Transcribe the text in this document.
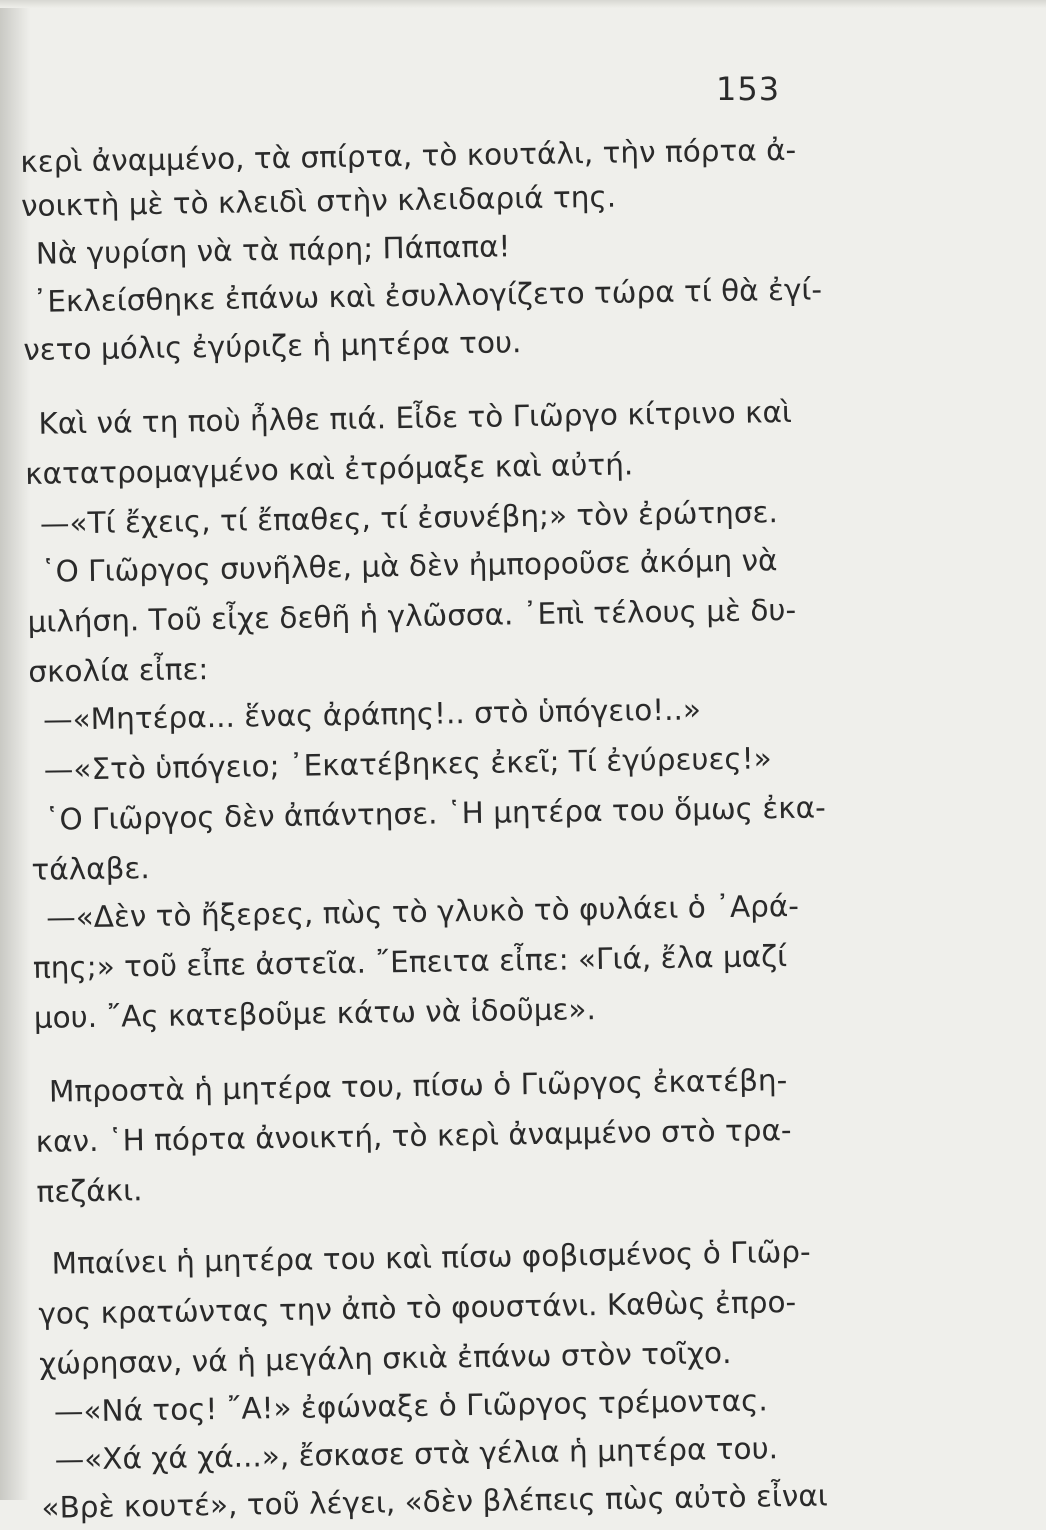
153
κερὶ ἀναμμένο, τὰ σπίρτα, τὸ κουτάλι, τὴν πόρτα ἀ-
νοικτὴ μὲ τὸ κλειδὶ στὴν κλειδαριά της.
Νὰ γυρίση νὰ τὰ πάρη; Πάπαπα!
᾿Εκλείσθηκε ἐπάνω καὶ ἐσυλλογίζετο τώρα τί θὰ ἐγί-
νετο μόλις ἐγύριζε ἡ μητέρα του.
Καὶ νά τη ποὺ ἦλθε πιά. Εἶδε τὸ Γιῶργο κίτρινο καὶ
κατατρομαγμένο καὶ ἐτρόμαξε καὶ αὐτή.
—«Τί ἔχεις, τί ἔπαθες, τί ἐσυνέβη;» τὸν ἐρώτησε.
῾Ο Γιῶργος συνῆλθε, μὰ δὲν ἠμποροῦσε ἀκόμη νὰ
μιλήση. Τοῦ εἶχε δεθῆ ἡ γλῶσσα. ᾿Επὶ τέλους μὲ δυ-
σκολία εἶπε:
—«Μητέρα... ἕνας ἀράπης!.. στὸ ὑπόγειο!..»
—«Στὸ ὑπόγειο; ᾿Εκατέβηκες ἐκεῖ; Τί ἐγύρευες!»
῾Ο Γιῶργος δὲν ἀπάντησε. ῾Η μητέρα του ὅμως ἐκα-
τάλαβε.
—«Δὲν τὸ ἤξερες, πὼς τὸ γλυκὸ τὸ φυλάει ὁ ᾿Αρά-
πης;» τοῦ εἶπε ἀστεῖα. ῎Επειτα εἶπε: «Γιά, ἔλα μαζί
μου. ῎Ας κατεβοῦμε κάτω νὰ ἰδοῦμε».
Μπροστὰ ἡ μητέρα του, πίσω ὁ Γιῶργος ἐκατέβη-
καν. ῾Η πόρτα ἀνοικτή, τὸ κερὶ ἀναμμένο στὸ τρα-
πεζάκι.
Μπαίνει ἡ μητέρα του καὶ πίσω φοβισμένος ὁ Γιῶρ-
γος κρατώντας την ἀπὸ τὸ φουστάνι. Καθὼς ἐπρο-
χώρησαν, νά ἡ μεγάλη σκιὰ ἐπάνω στὸν τοῖχο.
—«Νά τος! ῎Α!» ἐφώναξε ὁ Γιῶργος τρέμοντας.
—«Χά χά χά...», ἔσκασε στὰ γέλια ἡ μητέρα του.
«Βρὲ κουτέ», τοῦ λέγει, «δὲν βλέπεις πὼς αὐτὸ εἶναι
